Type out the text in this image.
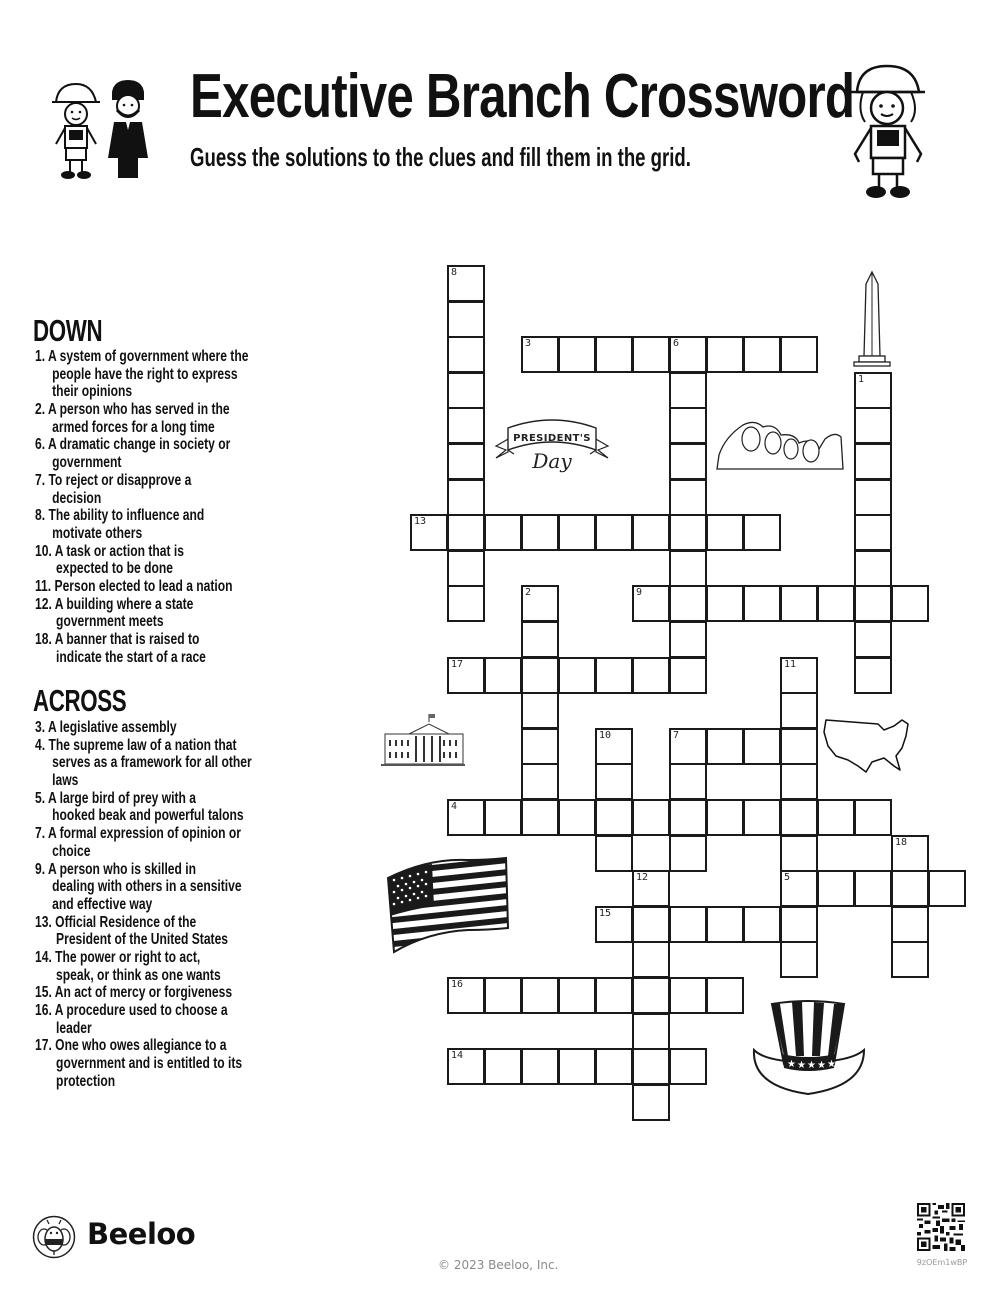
Executive Branch Crossword
Guess the solutions to the clues and fill them in the grid.
DOWN
1. A system of government where the
people have the right to express
their opinions
2. A person who has served in the
armed forces for a long time
6. A dramatic change in society or
government
7. To reject or disapprove a
decision
8. The ability to influence and
motivate others
10. A task or action that is
expected to be done
11. Person elected to lead a nation
12. A building where a state
government meets
18. A banner that is raised to
indicate the start of a race
ACROSS
3. A legislative assembly
4. The supreme law of a nation that
serves as a framework for all other
laws
5. A large bird of prey with a
hooked beak and powerful talons
7. A formal expression of opinion or
choice
9. A person who is skilled in
dealing with others in a sensitive
and effective way
13. Official Residence of the
President of the United States
14. The power or right to act,
speak, or think as one wants
15. An act of mercy or forgiveness
16. A procedure used to choose a
leader
17. One who owes allegiance to a
government and is entitled to its
protection
8
3	6
1
13
2	9
17	11
5
10	7
4
18
12
15
16
14
PRESIDENT'S
Day
★ ★ ★ ★ ★
Beeloo
© 2023 Beeloo, Inc.	9zOEm1wBP
